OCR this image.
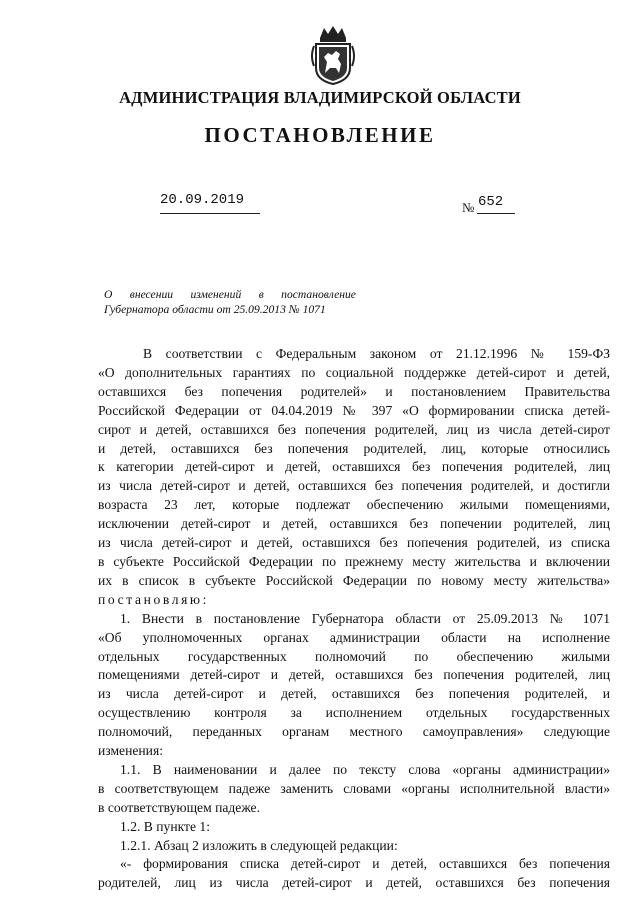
АДМИНИСТРАЦИЯ ВЛАДИМИРСКОЙ ОБЛАСТИ
ПОСТАНОВЛЕНИЕ
20.09.2019	№ 652
О внесении изменений в постановление
Губернатора области от 25.09.2013 № 1071

В соответствии с Федеральным законом от 21.12.1996 № 159-ФЗ

«О дополнительных гарантиях по социальной поддержке детей-сирот и детей,

оставшихся без попечения родителей» и постановлением Правительства

Российской Федерации от 04.04.2019 № 397 «О формировании списка детей-

сирот и детей, оставшихся без попечения родителей, лиц из числа детей-сирот

и детей, оставшихся без попечения родителей, лиц, которые относились

к категории детей-сирот и детей, оставшихся без попечения родителей, лиц

из числа детей-сирот и детей, оставшихся без попечения родителей, и достигли

возраста 23 лет, которые подлежат обеспечению жилыми помещениями,

исключении детей-сирот и детей, оставшихся без попечении родителей, лиц

из числа детей-сирот и детей, оставшихся без попечения родителей, из списка

в субъекте Российской Федерации по прежнему месту жительства и включении

их в список в субъекте Российской Федерации по новому месту жительства»

постановляю:

1. Внести в постановление Губернатора области от 25.09.2013 № 1071

«Об уполномоченных органах администрации области на исполнение

отдельных государственных полномочий по обеспечению жилыми

помещениями детей-сирот и детей, оставшихся без попечения родителей, лиц

из числа детей-сирот и детей, оставшихся без попечения родителей, и

осуществлению контроля за исполнением отдельных государственных

полномочий, переданных органам местного самоуправления» следующие

изменения:

1.1. В наименовании и далее по тексту слова «органы администрации»

в соответствующем падеже заменить словами «органы исполнительной власти»

в соответствующем падеже.

1.2. В пункте 1:

1.2.1. Абзац 2 изложить в следующей редакции:

«- формирования списка детей-сирот и детей, оставшихся без попечения

родителей, лиц из числа детей-сирот и детей, оставшихся без попечения
